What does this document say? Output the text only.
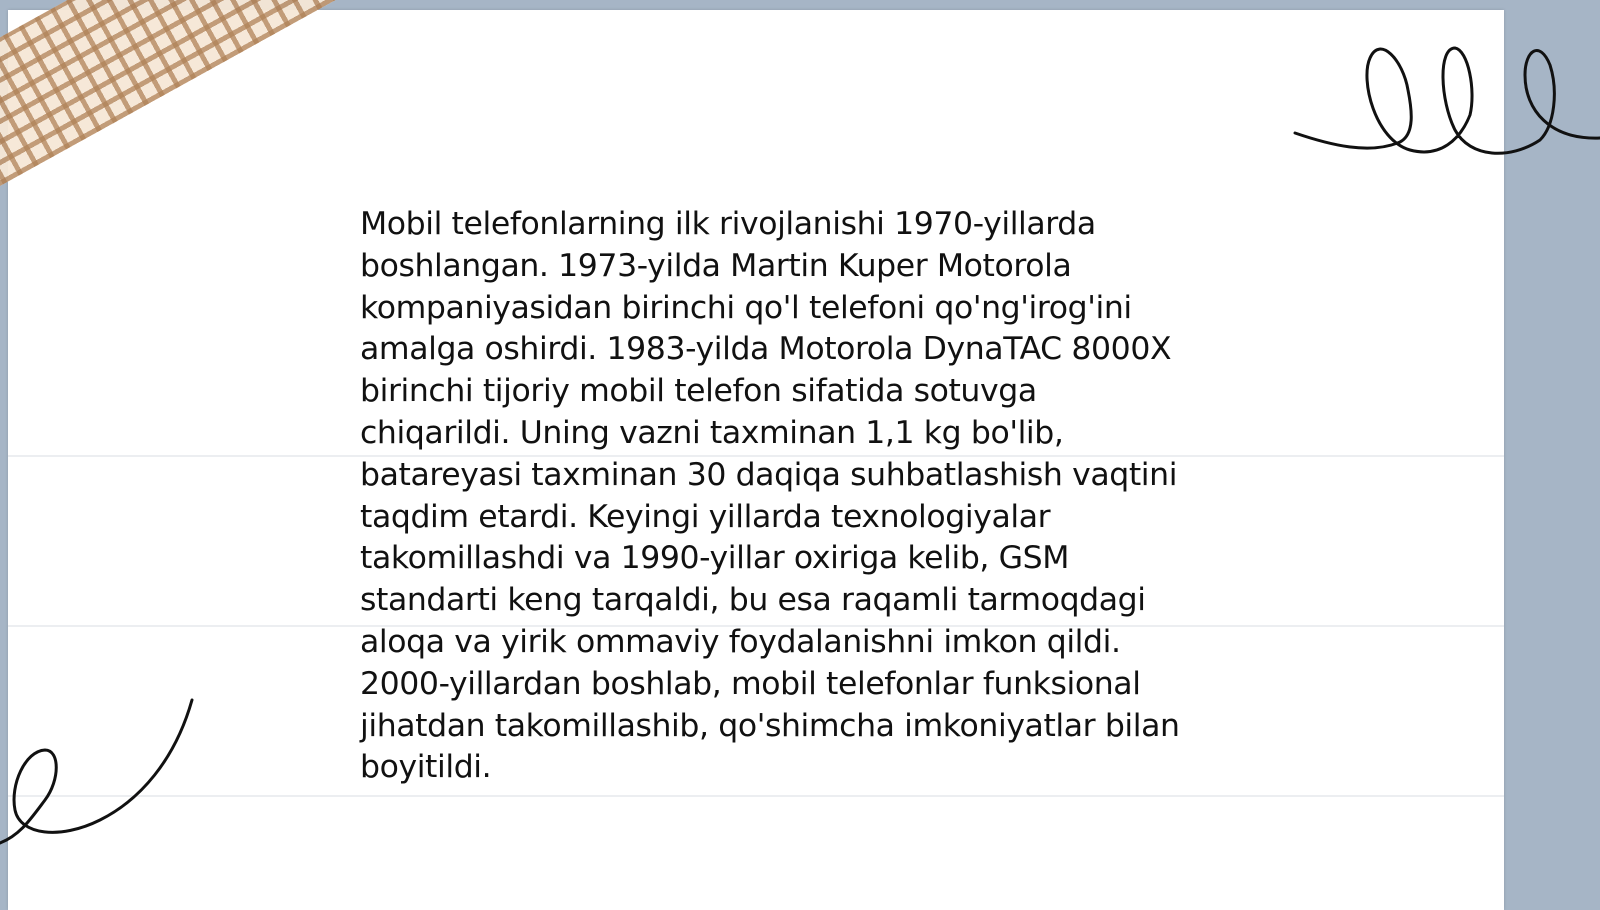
Mobil telefonlarning ilk rivojlanishi 1970-yillarda
boshlangan. 1973-yilda Martin Kuper Motorola
kompaniyasidan birinchi qo'l telefoni qo'ng'irog'ini
amalga oshirdi. 1983-yilda Motorola DynaTAC 8000X
birinchi tijoriy mobil telefon sifatida sotuvga
chiqarildi. Uning vazni taxminan 1,1 kg bo'lib,
batareyasi taxminan 30 daqiqa suhbatlashish vaqtini
taqdim etardi. Keyingi yillarda texnologiyalar
takomillashdi va 1990-yillar oxiriga kelib, GSM
standarti keng tarqaldi, bu esa raqamli tarmoqdagi
aloqa va yirik ommaviy foydalanishni imkon qildi.
2000-yillardan boshlab, mobil telefonlar funksional
jihatdan takomillashib, qo'shimcha imkoniyatlar bilan
boyitildi.
